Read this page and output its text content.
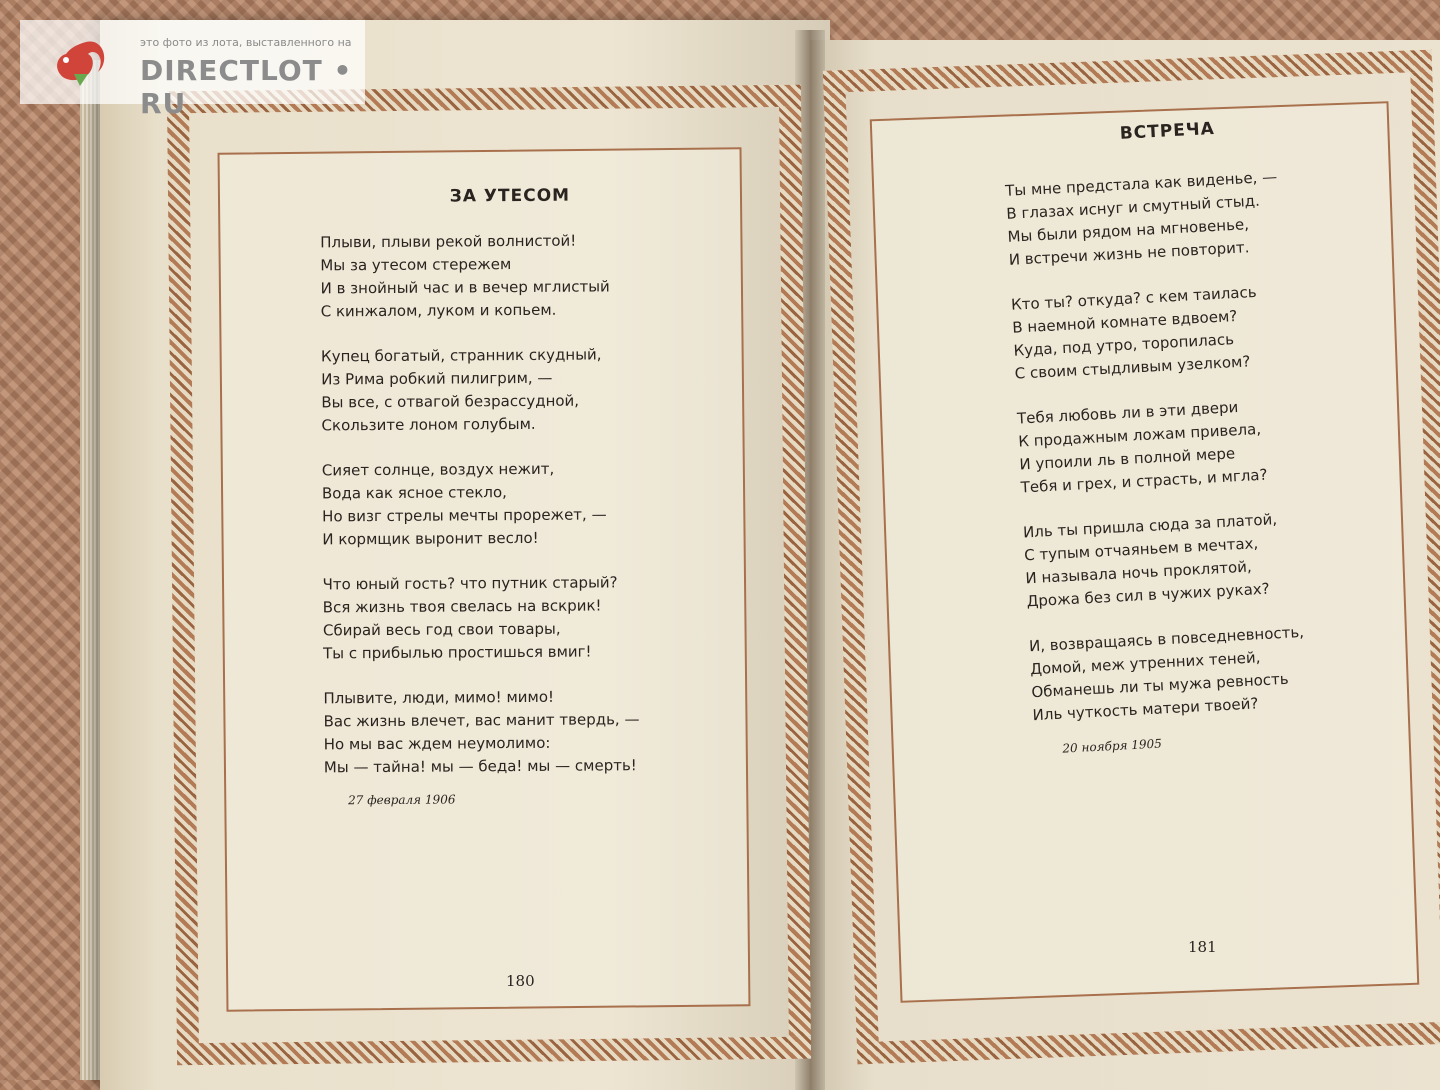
ЗА УТЕСОМ
Плыви, плыви рекой волнистой!
Мы за утесом стережем
И в знойный час и в вечер мглистый
С кинжалом, луком и копьем.
Купец богатый, странник скудный,
Из Рима робкий пилигрим, —
Вы все, с отвагой безрассудной,
Скользите лоном голубым.
Сияет солнце, воздух нежит,
Вода как ясное стекло,
Но визг стрелы мечты прорежет, —
И кормщик выронит весло!
Что юный гость? что путник старый?
Вся жизнь твоя свелась на вскрик!
Сбирай весь год свои товары,
Ты с прибылью простишься вмиг!
Плывите, люди, мимо! мимо!
Вас жизнь влечет, вас манит твердь, —
Но мы вас ждем неумолимо:
Мы — тайна! мы — беда! мы — смерть!
27 февраля 1906
180
ВСТРЕЧА
Ты мне предстала как виденье, —
В глазах иснуг и смутный стыд.
Мы были рядом на мгновенье,
И встречи жизнь не повторит.
Кто ты? откуда? с кем таилась
В наемной комнате вдвоем?
Куда, под утро, торопилась
С своим стыдливым узелком?
Тебя любовь ли в эти двери
К продажным ложам привела,
И упоили ль в полной мере
Тебя и грех, и страсть, и мгла?
Иль ты пришла сюда за платой,
С тупым отчаяньем в мечтах,
И называла ночь проклятой,
Дрожа без сил в чужих руках?
И, возвращаясь в повседневность,
Домой, меж утренних теней,
Обманешь ли ты мужа ревность
Иль чуткость матери твоей?
20 ноября 1905
181
это фото из лота, выставленного на
DIRECTLOT • RU
